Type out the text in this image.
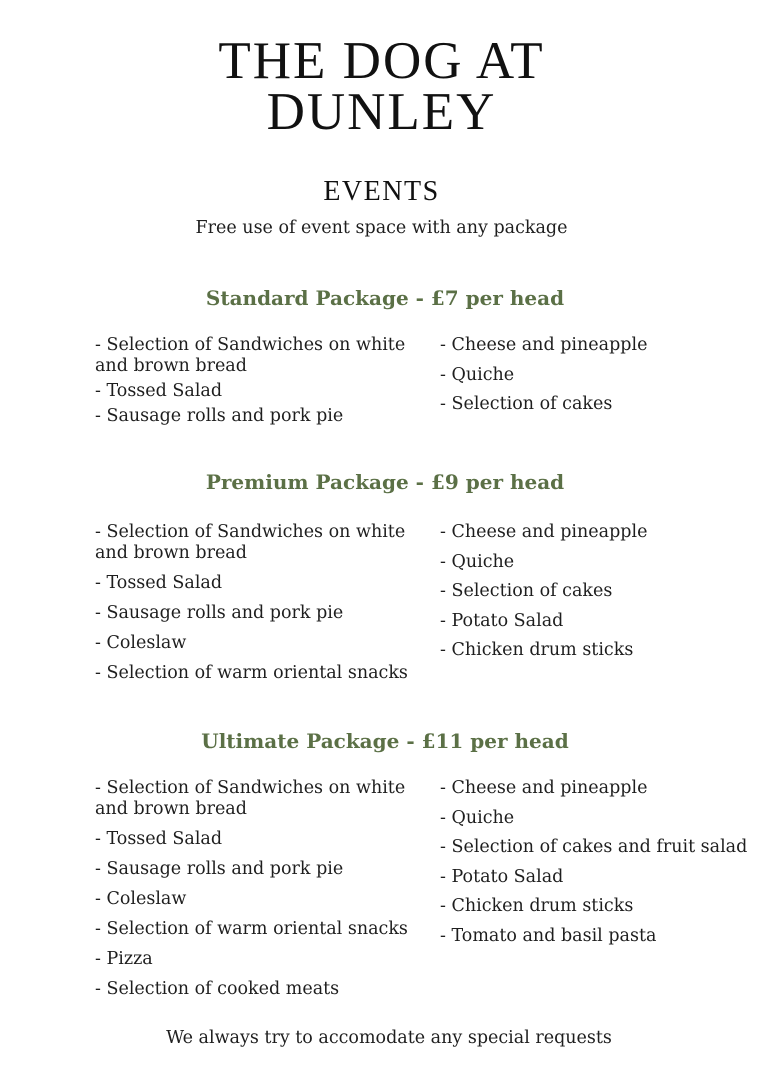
THE DOG AT
DUNLEY
EVENTS
Free use of event space with any package
Standard Package - £7 per head
- Selection of Sandwiches on white and brown bread
- Tossed Salad
- Sausage rolls and pork pie
- Cheese and pineapple
- Quiche
- Selection of cakes
Premium Package - £9 per head
- Selection of Sandwiches on white and brown bread
- Tossed Salad
- Sausage rolls and pork pie
- Coleslaw
- Selection of warm oriental snacks
- Cheese and pineapple
- Quiche
- Selection of cakes
- Potato Salad
- Chicken drum sticks
Ultimate Package - £11 per head
- Selection of Sandwiches on white and brown bread
- Tossed Salad
- Sausage rolls and pork pie
- Coleslaw
- Selection of warm oriental snacks
- Pizza
- Selection of cooked meats
- Cheese and pineapple
- Quiche
- Selection of cakes and fruit salad
- Potato Salad
- Chicken drum sticks
- Tomato and basil pasta
We always try to accomodate any special requests
